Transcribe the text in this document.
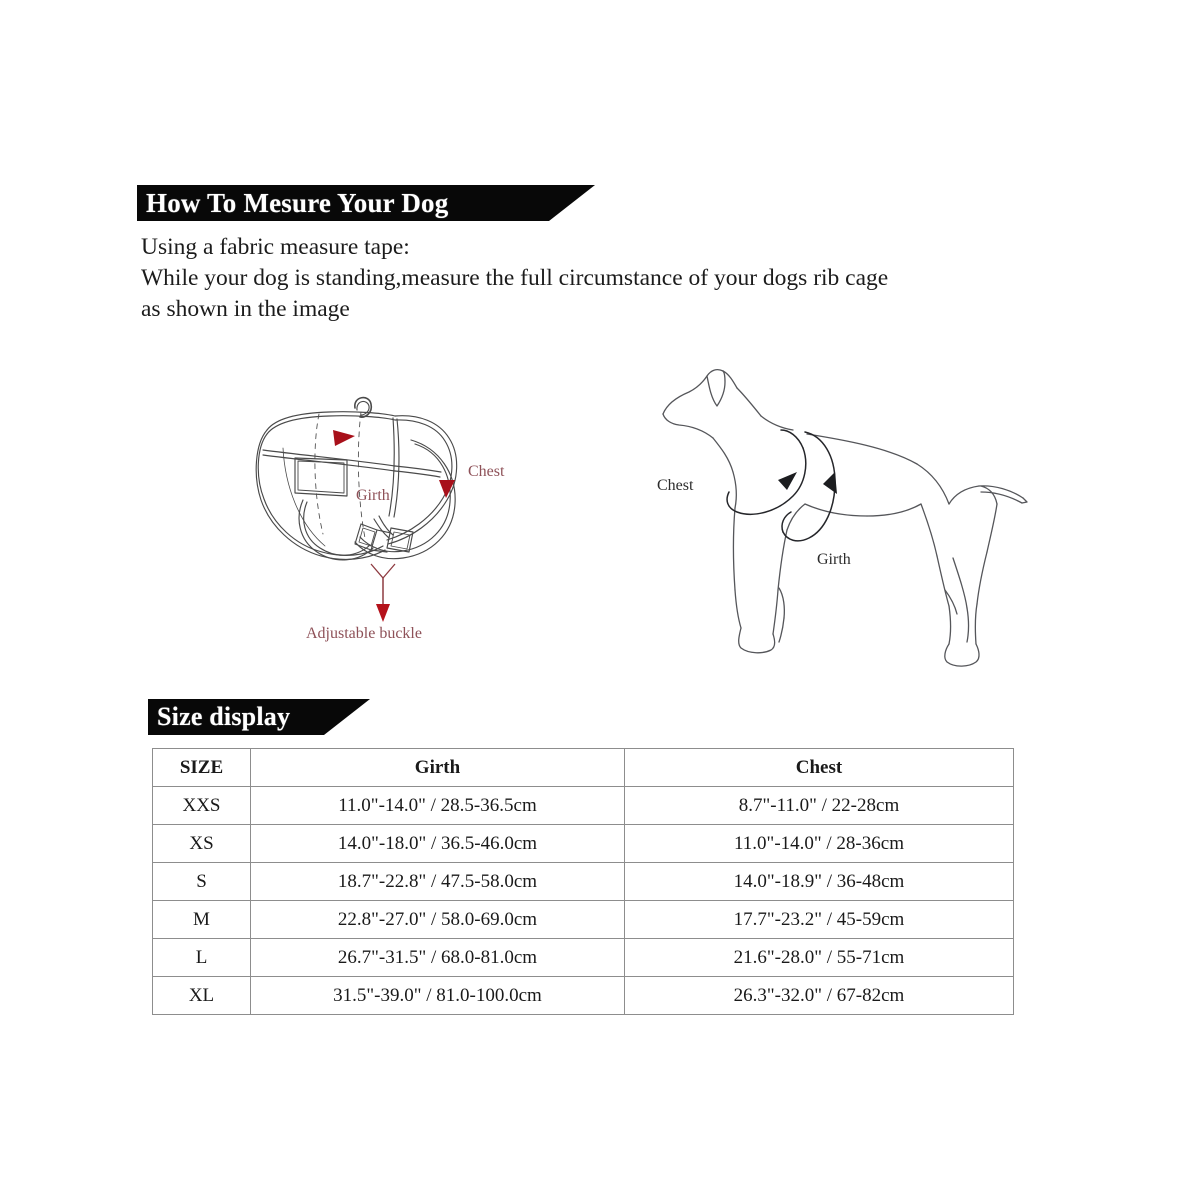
How To Mesure Your Dog
Using a fabric measure tape:
While your dog is standing,measure the full circumstance of your dogs rib cage
as shown in the image
Girth
Chest
Adjustable buckle
Chest
Girth
Size display
SIZE	Girth	Chest
XXS	11.0"-14.0" / 28.5-36.5cm	8.7"-11.0" / 22-28cm
XS	14.0"-18.0" / 36.5-46.0cm	11.0"-14.0" / 28-36cm
S	18.7"-22.8" / 47.5-58.0cm	14.0"-18.9" / 36-48cm
M	22.8"-27.0" / 58.0-69.0cm	17.7"-23.2" / 45-59cm
L	26.7"-31.5" / 68.0-81.0cm	21.6"-28.0" / 55-71cm
XL	31.5"-39.0" / 81.0-100.0cm	26.3"-32.0" / 67-82cm
